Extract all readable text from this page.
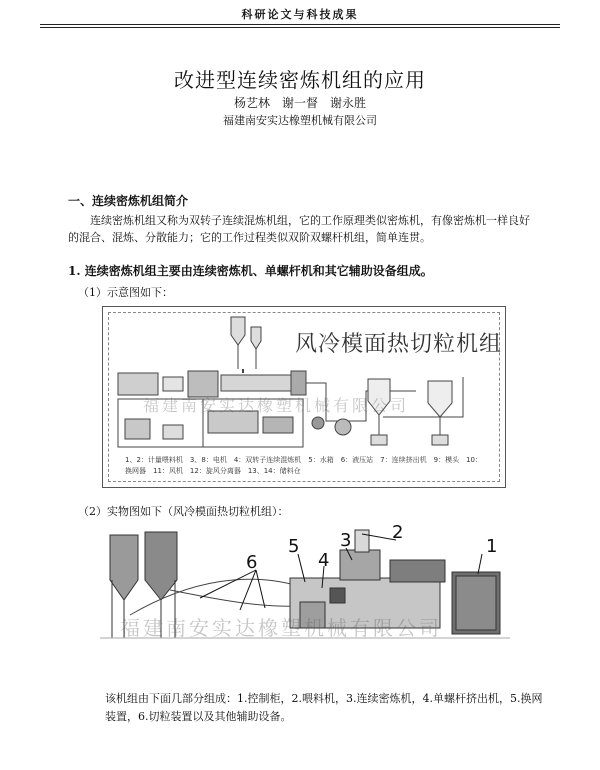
科研论文与科技成果
改进型连续密炼机组的应用
杨艺林　谢一督　谢永胜
福建南安实达橡塑机械有限公司
一、连续密炼机组简介
连续密炼机组又称为双转子连续混炼机组，它的工作原理类似密炼机，有像密炼机一样良好的混合、混炼、分散能力；它的工作过程类似双阶双螺杆机组，简单连贯。
1. 连续密炼机组主要由连续密炼机、单螺杆机和其它辅助设备组成。
（1）示意图如下：
福建南安实达橡塑机械有限公司
风冷模面热切粒机组
1、2：计量喂料机　3、8：电机　4：双转子连续混炼机　5：水箱　6：液压站　7：连续挤出机　9：模头　10：换网器　11：风机　12：旋风分离器　13、14：储料仓
（2）实物图如下（风冷模面热切粒机组）：
1
2
3
4
5
6
福建南安实达橡塑机械有限公司
该机组由下面几部分组成：1.控制柜，2.喂料机，3.连续密炼机，4.单螺杆挤出机，5.换网装置，6.切粒装置以及其他辅助设备。
